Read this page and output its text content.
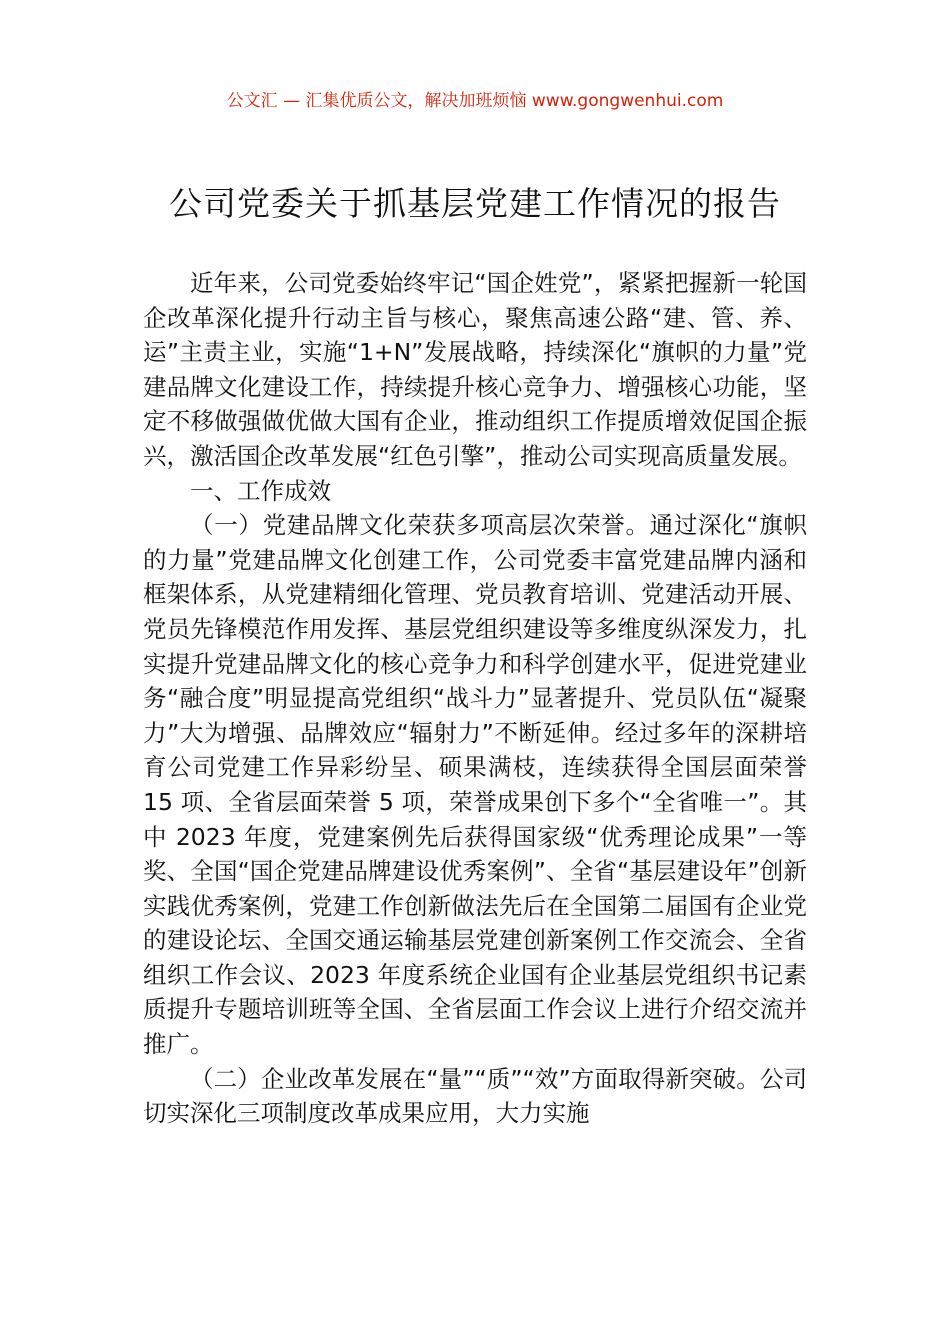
公文汇 — 汇集优质公文，解决加班烦恼 www.gongwenhui.com
公司党委关于抓基层党建工作情况的报告

近年来，公司党委始终牢记“国企姓党”，紧紧把握新一轮国企改革深化提升行动主旨与核心，聚焦高速公路“建、管、养、运”主责主业，实施“1+N”发展战略，持续深化“旗帜的力量”党建品牌文化建设工作，持续提升核心竞争力、增强核心功能，坚定不移做强做优做大国有企业，推动组织工作提质增效促国企振兴，激活国企改革发展“红色引擎”，推动公司实现高质量发展。

一、工作成效

（一）党建品牌文化荣获多项高层次荣誉。通过深化“旗帜的力量”党建品牌文化创建工作，公司党委丰富党建品牌内涵和框架体系，从党建精细化管理、党员教育培训、党建活动开展、党员先锋模范作用发挥、基层党组织建设等多维度纵深发力，扎实提升党建品牌文化的核心竞争力和科学创建水平，促进党建业务“融合度”明显提高党组织“战斗力”显著提升、党员队伍“凝聚力”大为增强、品牌效应“辐射力”不断延伸。经过多年的深耕培育公司党建工作异彩纷呈、硕果满枝，连续获得全国层面荣誉 15 项、全省层面荣誉 5 项，荣誉成果创下多个“全省唯一”。其中 2023 年度，党建案例先后获得国家级“优秀理论成果”一等奖、全国“国企党建品牌建设优秀案例”、全省“基层建设年”创新实践优秀案例，党建工作创新做法先后在全国第二届国有企业党的建设论坛、全国交通运输基层党建创新案例工作交流会、全省组织工作会议、2023 年度系统企业国有企业基层党组织书记素质提升专题培训班等全国、全省层面工作会议上进行介绍交流并推广。

（二）企业改革发展在“量”“质”“效”方面取得新突破。公司切实深化三项制度改革成果应用，大力实施
